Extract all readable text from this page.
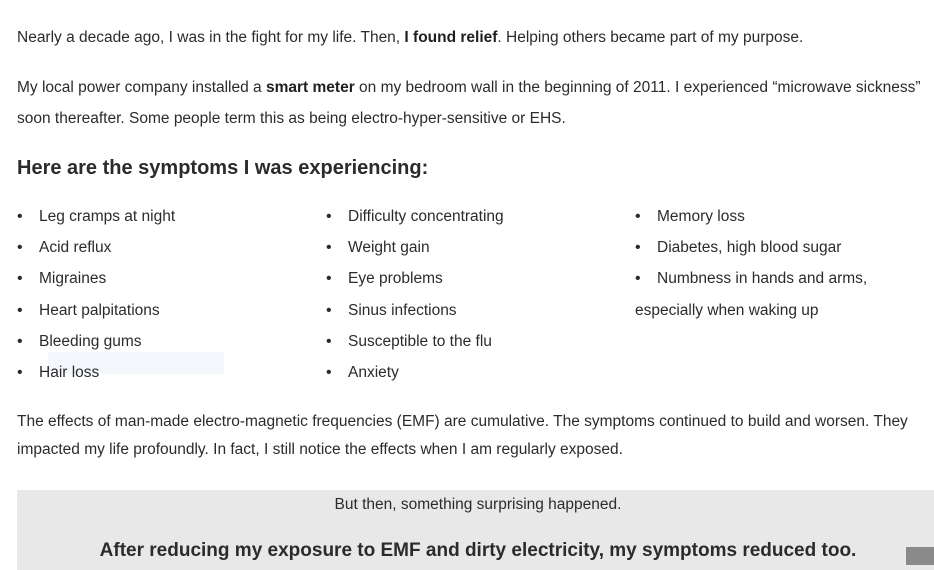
Nearly a decade ago, I was in the fight for my life. Then, I found relief. Helping others became part of my purpose.

My local power company installed a smart meter on my bedroom wall in the beginning of 2011. I experienced “microwave sickness”
soon thereafter. Some people term this as being electro-hyper-sensitive or EHS.

Here are the symptoms I was experiencing:
• Leg cramps at night
• Acid reflux
• Migraines
• Heart palpitations
• Bleeding gums
• Hair loss
• Difficulty concentrating
• Weight gain
• Eye problems
• Sinus infections
• Susceptible to the flu
• Anxiety
• Memory loss
• Diabetes, high blood sugar
• Numbness in hands and arms,
especially when waking up

The effects of man-made electro-magnetic frequencies (EMF) are cumulative. The symptoms continued to build and worsen. They impacted my life profoundly. In fact, I still notice the effects when I am regularly exposed.

But then, something surprising happened.
After reducing my exposure to EMF and dirty electricity, my symptoms reduced too.
